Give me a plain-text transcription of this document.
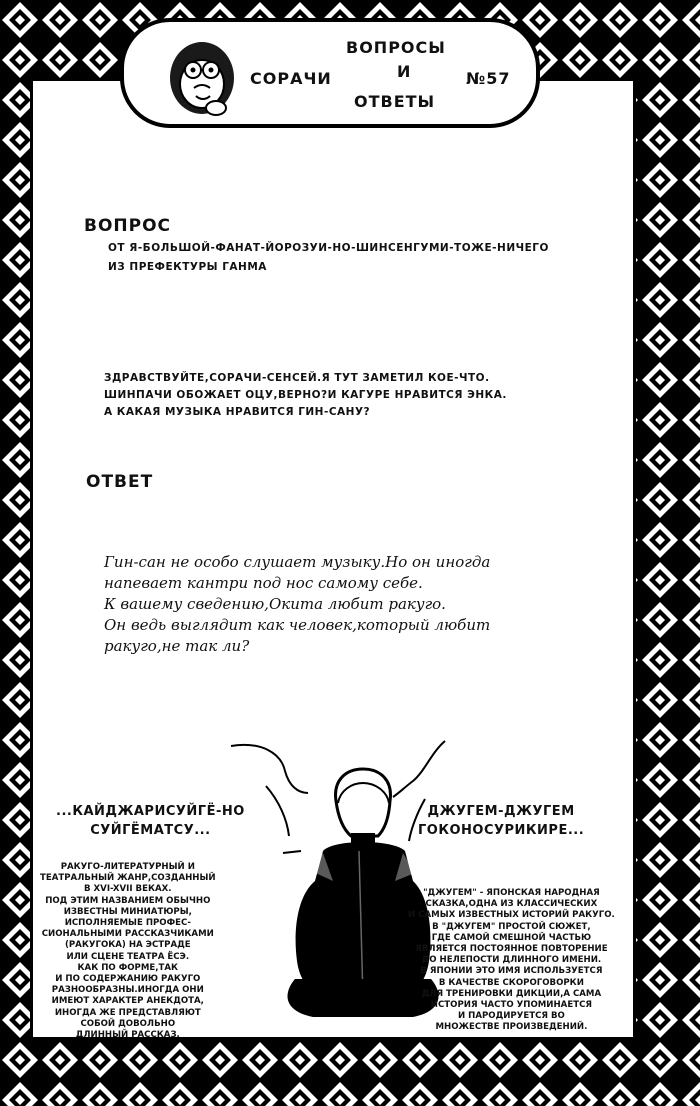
ВОПРОСЫ
И
ОТВЕТЫ
СОРАЧИ	№57
ВОПРОС
ОТ Я-БОЛЬШОЙ-ФАНАТ-ЙОРОЗУИ-НО-ШИНСЕНГУМИ-ТОЖЕ-НИЧЕГО
ИЗ ПРЕФЕКТУРЫ ГАНМА
ЗДРАВСТВУЙТЕ,СОРАЧИ-СЕНСЕЙ.Я ТУТ ЗАМЕТИЛ КОЕ-ЧТО.
ШИНПАЧИ ОБОЖАЕТ ОЦУ,ВЕРНО?И КАГУРЕ НРАВИТСЯ ЭНКА.
А КАКАЯ МУЗЫКА НРАВИТСЯ ГИН-САНУ?
ОТВЕТ
Гин-сан не особо слушает музыку.Но он иногда
напевает кантри под нос самому себе.
К вашему сведению,Окита любит ракуго.
Он ведь выглядит как человек,который любит
ракуго,не так ли?
...КАЙДЖАРИСУЙГЁ-НО
СУЙГЁМАТСУ...
ДЖУГЕМ-ДЖУГЕМ
ГОКОНОСУРИКИРЕ...
РАКУГО-ЛИТЕРАТУРНЫЙ И
ТЕАТРАЛЬНЫЙ ЖАНР,СОЗДАННЫЙ
В XVI-XVII ВЕКАХ.
ПОД ЭТИМ НАЗВАНИЕМ ОБЫЧНО
ИЗВЕСТНЫ МИНИАТЮРЫ,
ИСПОЛНЯЕМЫЕ ПРОФЕС-
СИОНАЛЬНЫМИ РАССКАЗЧИКАМИ
(РАКУГОКА) НА ЭСТРАДЕ
ИЛИ СЦЕНЕ ТЕАТРА ЁСЭ.
КАК ПО ФОРМЕ,ТАК
И ПО СОДЕРЖАНИЮ РАКУГО
РАЗНООБРАЗНЫ.ИНОГДА ОНИ
ИМЕЮТ ХАРАКТЕР АНЕКДОТА,
ИНОГДА ЖЕ ПРЕДСТАВЛЯЮТ
СОБОЙ ДОВОЛЬНО
ДЛИННЫЙ РАССКАЗ.
"ДЖУГЕМ" - ЯПОНСКАЯ НАРОДНАЯ
СКАЗКА,ОДНА ИЗ КЛАССИЧЕСКИХ
И САМЫХ ИЗВЕСТНЫХ ИСТОРИЙ РАКУГО.
В "ДЖУГЕМ" ПРОСТОЙ СЮЖЕТ,
ГДЕ САМОЙ СМЕШНОЙ ЧАСТЬЮ
ЯВЛЯЕТСЯ ПОСТОЯННОЕ ПОВТОРЕНИЕ
ДО НЕЛЕПОСТИ ДЛИННОГО ИМЕНИ.
В ЯПОНИИ ЭТО ИМЯ ИСПОЛЬЗУЕТСЯ
В КАЧЕСТВЕ СКОРОГОВОРКИ
ДЛЯ ТРЕНИРОВКИ ДИКЦИИ,А САМА
ИСТОРИЯ ЧАСТО УПОМИНАЕТСЯ
И ПАРОДИРУЕТСЯ ВО
МНОЖЕСТВЕ ПРОИЗВЕДЕНИЙ.
